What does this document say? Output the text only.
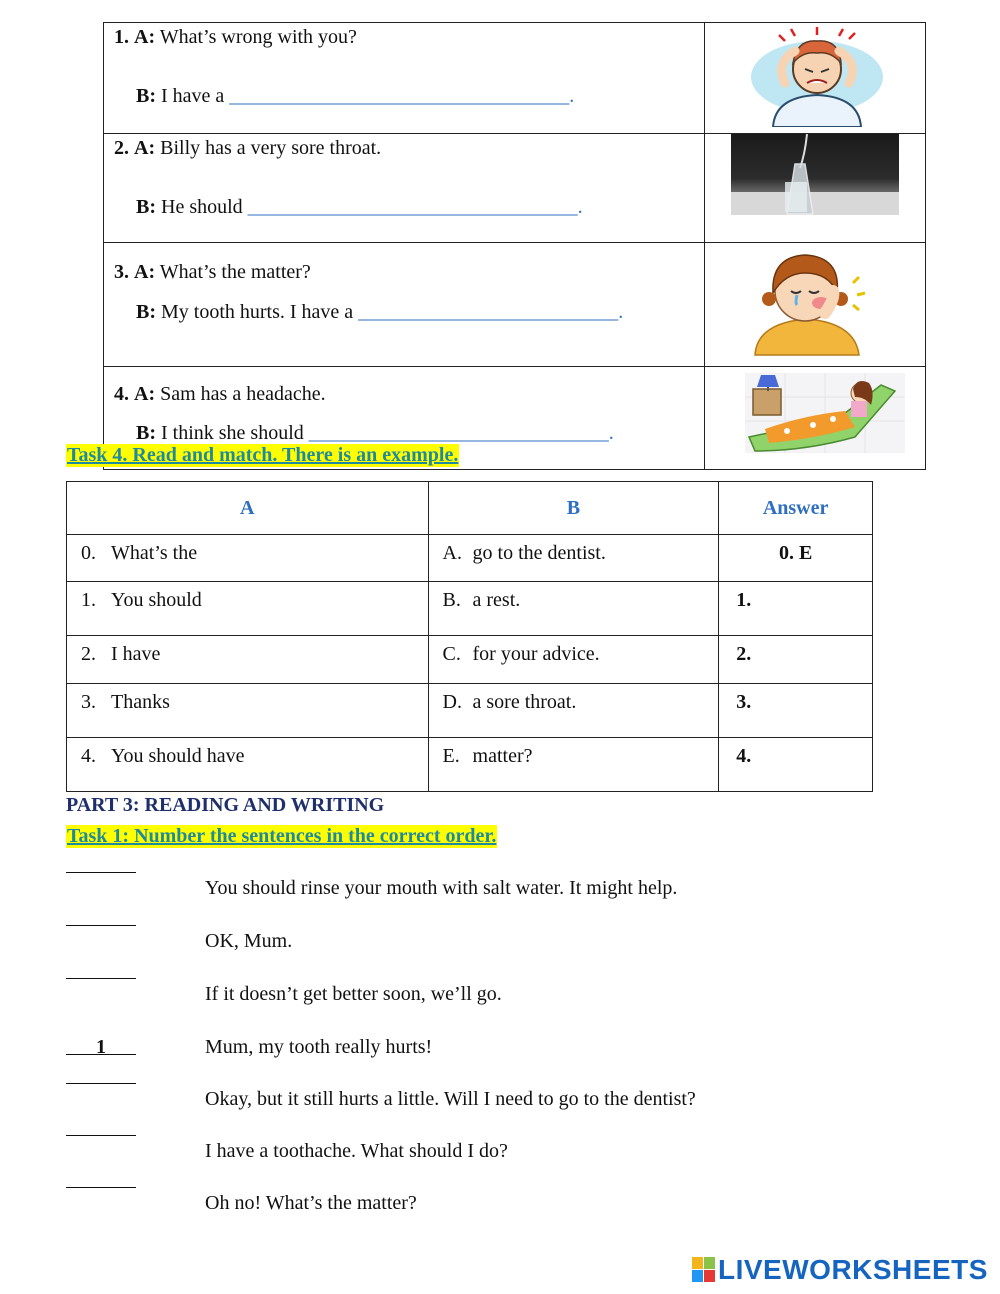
1. A: What’s wrong with you?
B: I have a __________________________________.

2. A: Billy has a very sore throat.
B: He should _________________________________.

3. A: What’s the matter?
B: My tooth hurts. I have a __________________________.

4. A: Sam has a headache.
B: I think she should ______________________________.

Task 4. Read and match. There is an example.
A	B	Answer

0. What’s the	A. go to the dentist.	0. E

1. You should	B. a rest.	1.

2. I have	C. for your advice.	2.

3. Thanks	D. a sore throat.	3.

4. You should have	E. matter?	4.
PART 3: READING AND WRITING
Task 1: Number the sentences in the correct order.
You should rinse your mouth with salt water. It might help.
OK, Mum.
If it doesn’t get better soon, we’ll go.
1	Mum, my tooth really hurts!
Okay, but it still hurts a little. Will I need to go to the dentist?
I have a toothache. What should I do?
Oh no! What’s the matter?
LIVEWORKSHEETS
